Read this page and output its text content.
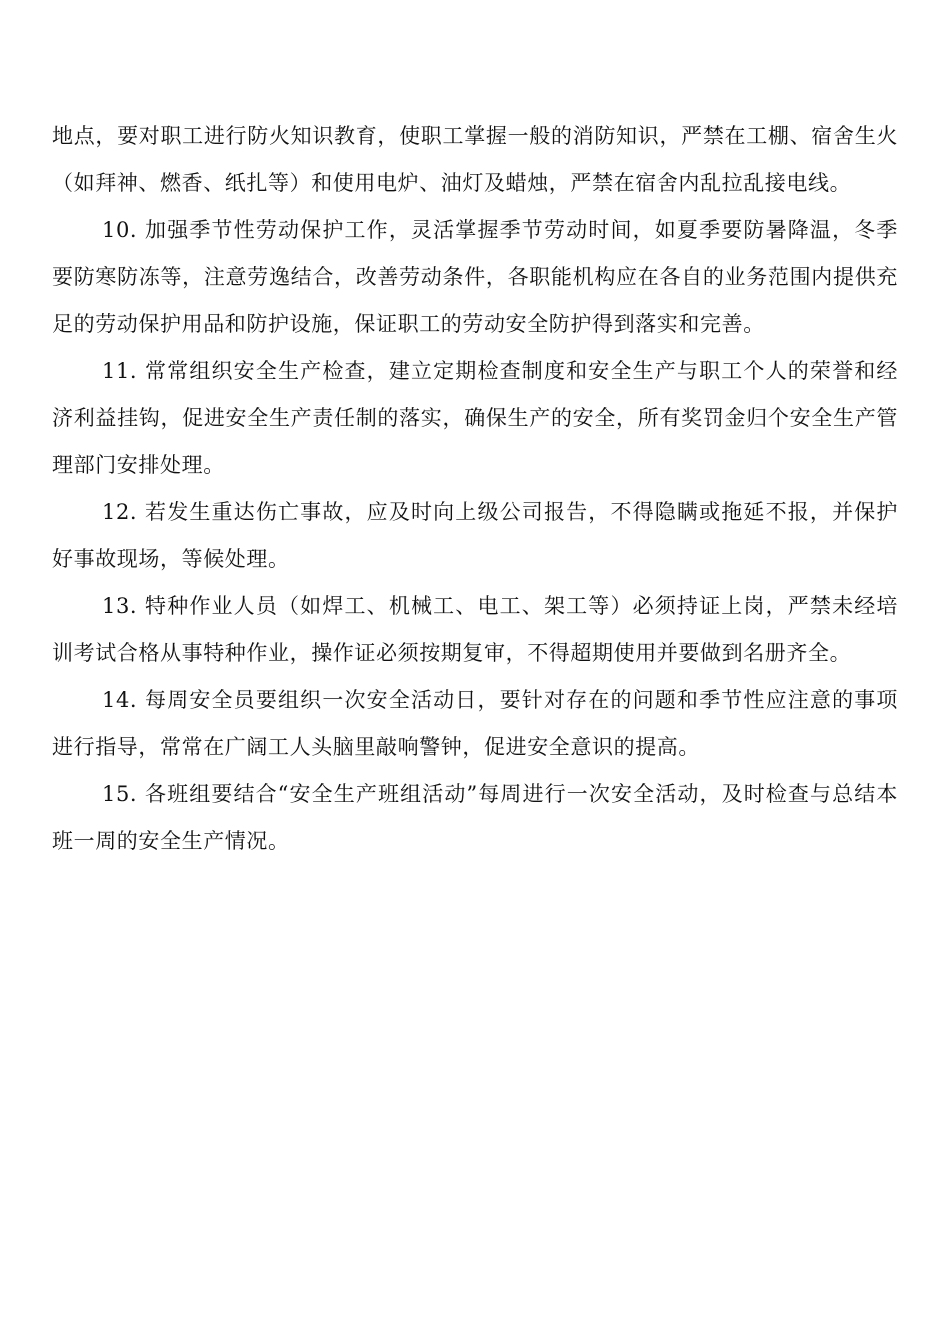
地点，要对职工进行防火知识教育，使职工掌握一般的消防知识，严禁在工棚、宿舍生火（如拜神、燃香、纸扎等）和使用电炉、油灯及蜡烛，严禁在宿舍内乱拉乱接电线。

10. 加强季节性劳动保护工作，灵活掌握季节劳动时间，如夏季要防暑降温，冬季要防寒防冻等，注意劳逸结合，改善劳动条件，各职能机构应在各自的业务范围内提供充足的劳动保护用品和防护设施，保证职工的劳动安全防护得到落实和完善。

11. 常常组织安全生产检查，建立定期检查制度和安全生产与职工个人的荣誉和经济利益挂钩，促进安全生产责任制的落实，确保生产的安全，所有奖罚金归个安全生产管理部门安排处理。

12. 若发生重达伤亡事故，应及时向上级公司报告，不得隐瞒或拖延不报，并保护好事故现场，等候处理。

13. 特种作业人员（如焊工、机械工、电工、架工等）必须持证上岗，严禁未经培训考试合格从事特种作业，操作证必须按期复审，不得超期使用并要做到名册齐全。

14. 每周安全员要组织一次安全活动日，要针对存在的问题和季节性应注意的事项进行指导，常常在广阔工人头脑里敲响警钟，促进安全意识的提高。

15. 各班组要结合“安全生产班组活动”每周进行一次安全活动，及时检查与总结本班一周的安全生产情况。
